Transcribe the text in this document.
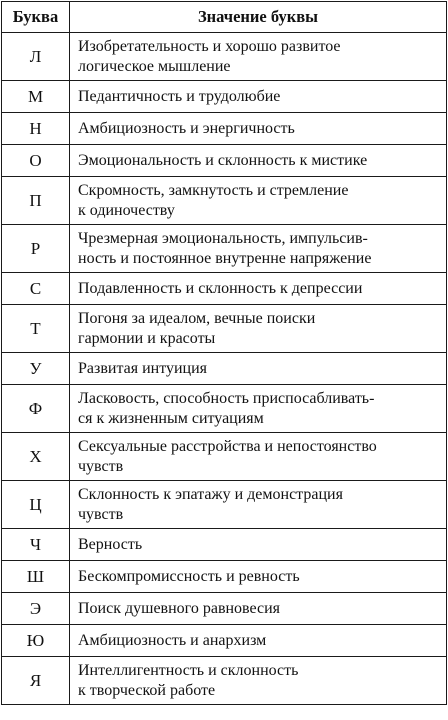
Буква	Значение буквы
Л	Изобретательность и хорошо развитое
логическое мышление

М	Педантичность и трудолюбие

Н	Амбициозность и энергичность

О	Эмоциональность и склонность к мистике

П	Скромность, замкнутость и стремление
к одиночеству

Р	Чрезмерная эмоциональность, импульсив-
ность и постоянное внутренне напряжение

С	Подавленность и склонность к депрессии

Т	Погоня за идеалом, вечные поиски
гармонии и красоты

У	Развитая интуиция

Ф	Ласковость, способность приспосабливать-
ся к жизненным ситуациям

Х	Сексуальные расстройства и непостоянство
чувств

Ц	Склонность к эпатажу и демонстрация
чувств

Ч	Верность

Ш	Бескомпромиссность и ревность

Э	Поиск душевного равновесия

Ю	Амбициозность и анархизм

Я	Интеллигентность и склонность
к творческой работе
